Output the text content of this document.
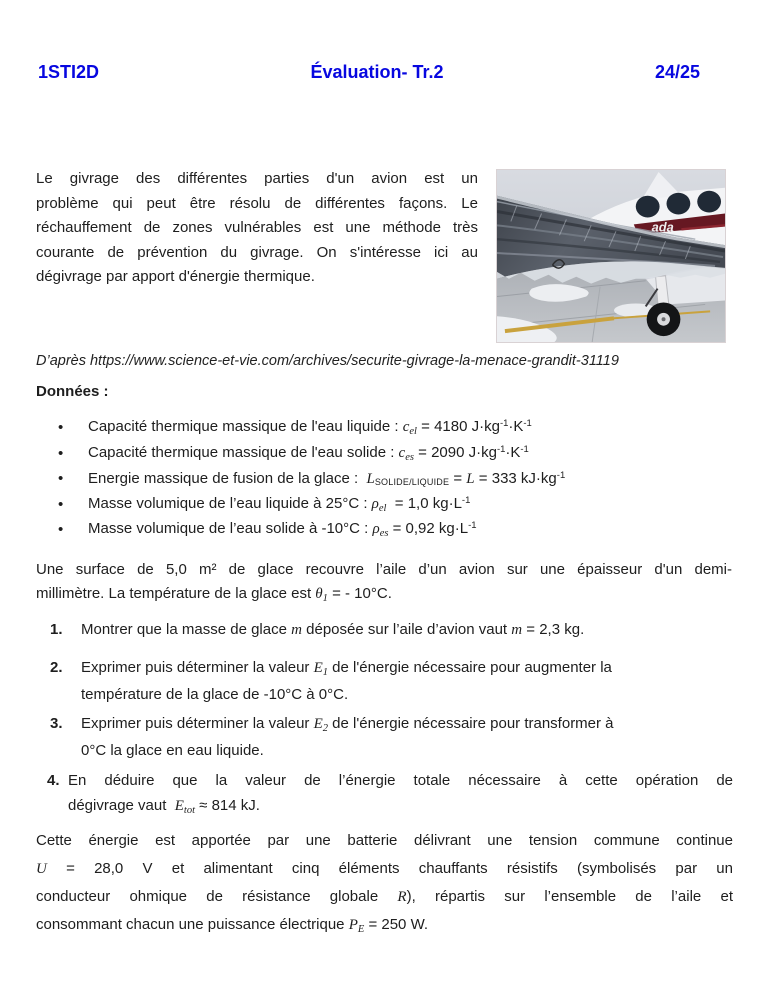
1STI2D	Évaluation- Tr.2	24/25
Le givrage des différentes parties d'un avion est un
problème qui peut être résolu de différentes façons. Le
réchauffement de zones vulnérables est une méthode très
courante de prévention du givrage. On s'intéresse ici au
dégivrage par apport d'énergie thermique.
ada
D’après https://www.science-et-vie.com/archives/securite-givrage-la-menace-grandit-31119
Données :
•
Capacité thermique massique de l'eau liquide : $c_{el} = 4180$ $J\cdot kg^{-1}\cdot K^{-1}$
•
Capacité thermique massique de l'eau solide : $c_{es} = 2090$ $J\cdot kg^{-1}\cdot K^{-1}$
•
Energie massique de fusion de la glace :  LSOLIDE/LIQUIDE = L = 333 $kJ\cdot kg^{-1}$
•
Masse volumique de l’eau liquide à 25°C : $\rho_{el} = 1,0$ $kg\cdot L^{-1}$
•
Masse volumique de l’eau solide à -10°C : $\rho_{es} = 0,92$ $kg\cdot L^{-1}$
Une surface de 5,0 m² de glace recouvre l’aile d’un avion sur une épaisseur d'un demi-
millimètre. La température de la glace est $\theta_1$ = - 10°C.
1. Montrer que la masse de glace m déposée sur l’aile d’avion vaut m = 2,3 kg.
2. Exprimer puis déterminer la valeur $E_1$ de l'énergie nécessaire pour augmenter la
température de la glace de -10°C à 0°C.
3. Exprimer puis déterminer la valeur $E_2$ de l'énergie nécessaire pour transformer à
0°C la glace en eau liquide.
4. En déduire que la valeur de l’énergie totale nécessaire à cette opération de
dégivrage vaut  $E_{tot} \approx 814$ kJ.
Cette énergie est apportée par une batterie délivrant une tension commune continue
U = 28,0 V et alimentant cinq éléments chauffants résistifs (symbolisés par un
conducteur ohmique de résistance globale R), répartis sur l’ensemble de l’aile et
consommant chacun une puissance électrique $P_E = 250$ W.
